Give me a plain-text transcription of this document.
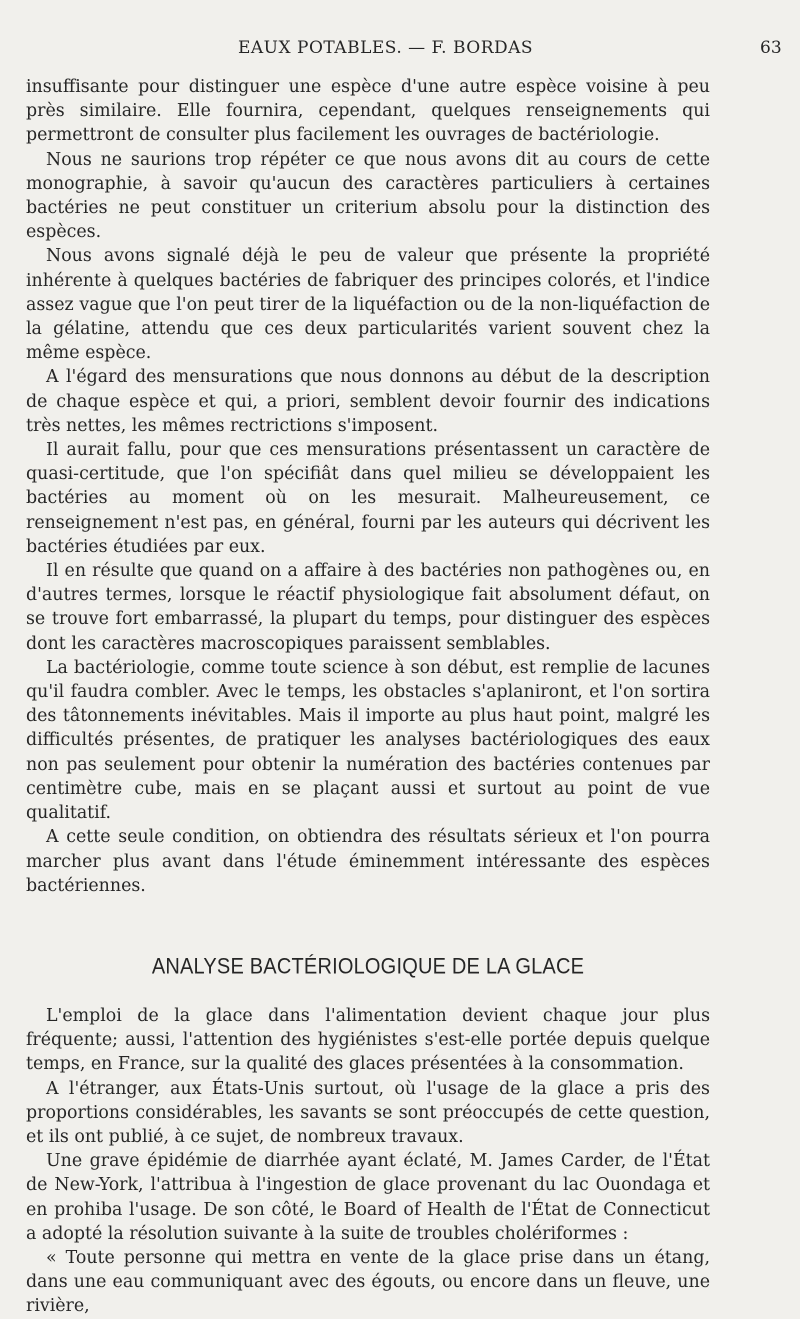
EAUX POTABLES. — F. BORDAS	63

insuffisante pour distinguer une espèce d'une autre espèce voisine à peu près similaire. Elle fournira, cependant, quelques renseignements qui permettront de consulter plus facilement les ouvrages de bactériologie.

Nous ne saurions trop répéter ce que nous avons dit au cours de cette monographie, à savoir qu'aucun des caractères particuliers à certaines bactéries ne peut constituer un criterium absolu pour la distinction des espèces.

Nous avons signalé déjà le peu de valeur que présente la propriété inhérente à quelques bactéries de fabriquer des principes colorés, et l'indice assez vague que l'on peut tirer de la liquéfaction ou de la non-liquéfaction de la gélatine, attendu que ces deux particularités varient souvent chez la même espèce.

A l'égard des mensurations que nous donnons au début de la description de chaque espèce et qui, a priori, semblent devoir fournir des indications très nettes, les mêmes rectrictions s'imposent.

Il aurait fallu, pour que ces mensurations présentassent un caractère de quasi-certitude, que l'on spécifiât dans quel milieu se développaient les bactéries au moment où on les mesurait. Malheureusement, ce renseignement n'est pas, en général, fourni par les auteurs qui décrivent les bactéries étudiées par eux.

Il en résulte que quand on a affaire à des bactéries non pathogènes ou, en d'autres termes, lorsque le réactif physiologique fait absolument défaut, on se trouve fort embarrassé, la plupart du temps, pour distinguer des espèces dont les caractères macroscopiques paraissent semblables.

La bactériologie, comme toute science à son début, est remplie de lacunes qu'il faudra combler. Avec le temps, les obstacles s'aplaniront, et l'on sortira des tâtonnements inévitables. Mais il importe au plus haut point, malgré les difficultés présentes, de pratiquer les analyses bactériologiques des eaux non pas seulement pour obtenir la numération des bactéries contenues par centimètre cube, mais en se plaçant aussi et surtout au point de vue qualitatif.

A cette seule condition, on obtiendra des résultats sérieux et l'on pourra marcher plus avant dans l'étude éminemment intéressante des espèces bactériennes.

ANALYSE BACTÉRIOLOGIQUE DE LA GLACE

L'emploi de la glace dans l'alimentation devient chaque jour plus fréquente; aussi, l'attention des hygiénistes s'est-elle portée depuis quelque temps, en France, sur la qualité des glaces présentées à la consommation.

A l'étranger, aux États-Unis surtout, où l'usage de la glace a pris des proportions considérables, les savants se sont préoccupés de cette question, et ils ont publié, à ce sujet, de nombreux travaux.

Une grave épidémie de diarrhée ayant éclaté, M. James Carder, de l'État de New-York, l'attribua à l'ingestion de glace provenant du lac Ouondaga et en prohiba l'usage. De son côté, le Board of Health de l'État de Connecticut a adopté la résolution suivante à la suite de troubles cholériformes :

« Toute personne qui mettra en vente de la glace prise dans un étang, dans une eau communiquant avec des égouts, ou encore dans un fleuve, une rivière,
